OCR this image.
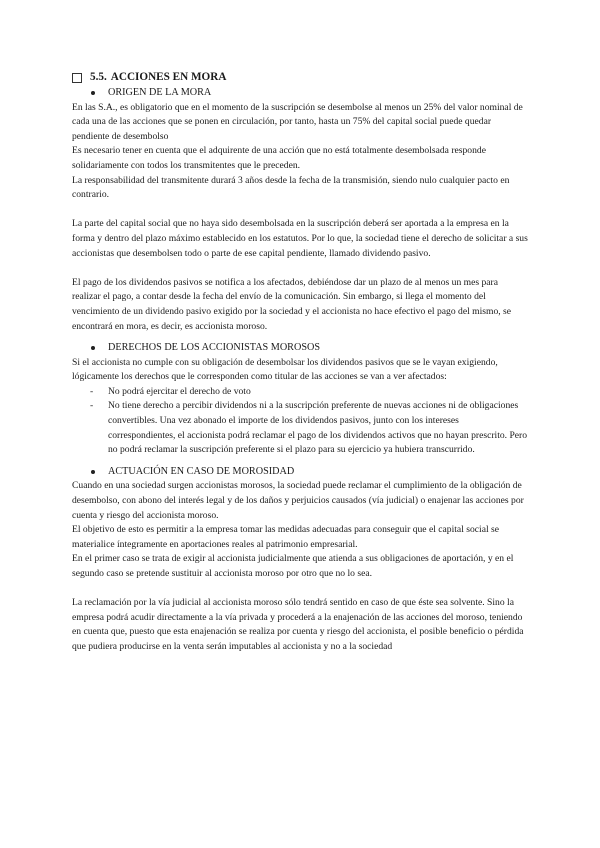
5.5. ACCIONES EN MORA
ORIGEN DE LA MORA

En las S.A., es obligatorio que en el momento de la suscripción se desembolse al menos un 25% del valor nominal de cada una de las acciones que se ponen en circulación, por tanto, hasta un 75% del capital social puede quedar pendiente de desembolso

Es necesario tener en cuenta que el adquirente de una acción que no está totalmente desembolsada responde solidariamente con todos los transmitentes que le preceden.

La responsabilidad del transmitente durará 3 años desde la fecha de la transmisión, siendo nulo cualquier pacto en contrario.

La parte del capital social que no haya sido desembolsada en la suscripción deberá ser aportada a la empresa en la forma y dentro del plazo máximo establecido en los estatutos. Por lo que, la sociedad tiene el derecho de solicitar a sus accionistas que desembolsen todo o parte de ese capital pendiente, llamado dividendo pasivo.

El pago de los dividendos pasivos se notifica a los afectados, debiéndose dar un plazo de al menos un mes para realizar el pago, a contar desde la fecha del envío de la comunicación. Sin embargo, si llega el momento del vencimiento de un dividendo pasivo exigido por la sociedad y el accionista no hace efectivo el pago del mismo, se encontrará en mora, es decir, es accionista moroso.

DERECHOS DE LOS ACCIONISTAS MOROSOS

Si el accionista no cumple con su obligación de desembolsar los dividendos pasivos que se le vayan exigiendo, lógicamente los derechos que le corresponden como titular de las acciones se van a ver afectados:

- No podrá ejercitar el derecho de voto
- No tiene derecho a percibir dividendos ni a la suscripción preferente de nuevas acciones ni de obligaciones convertibles. Una vez abonado el importe de los dividendos pasivos, junto con los intereses correspondientes, el accionista podrá reclamar el pago de los dividendos activos que no hayan prescrito. Pero no podrá reclamar la suscripción preferente si el plazo para su ejercicio ya hubiera transcurrido.
ACTUACIÓN EN CASO DE MOROSIDAD

Cuando en una sociedad surgen accionistas morosos, la sociedad puede reclamar el cumplimiento de la obligación de desembolso, con abono del interés legal y de los daños y perjuicios causados (vía judicial) o enajenar las acciones por cuenta y riesgo del accionista moroso.

El objetivo de esto es permitir a la empresa tomar las medidas adecuadas para conseguir que el capital social se materialice íntegramente en aportaciones reales al patrimonio empresarial.

En el primer caso se trata de exigir al accionista judicialmente que atienda a sus obligaciones de aportación, y en el segundo caso se pretende sustituir al accionista moroso por otro que no lo sea.

La reclamación por la vía judicial al accionista moroso sólo tendrá sentido en caso de que éste sea solvente. Sino la empresa podrá acudir directamente a la vía privada y procederá a la enajenación de las acciones del moroso, teniendo en cuenta que, puesto que esta enajenación se realiza por cuenta y riesgo del accionista, el posible beneficio o pérdida que pudiera producirse en la venta serán imputables al accionista y no a la sociedad
